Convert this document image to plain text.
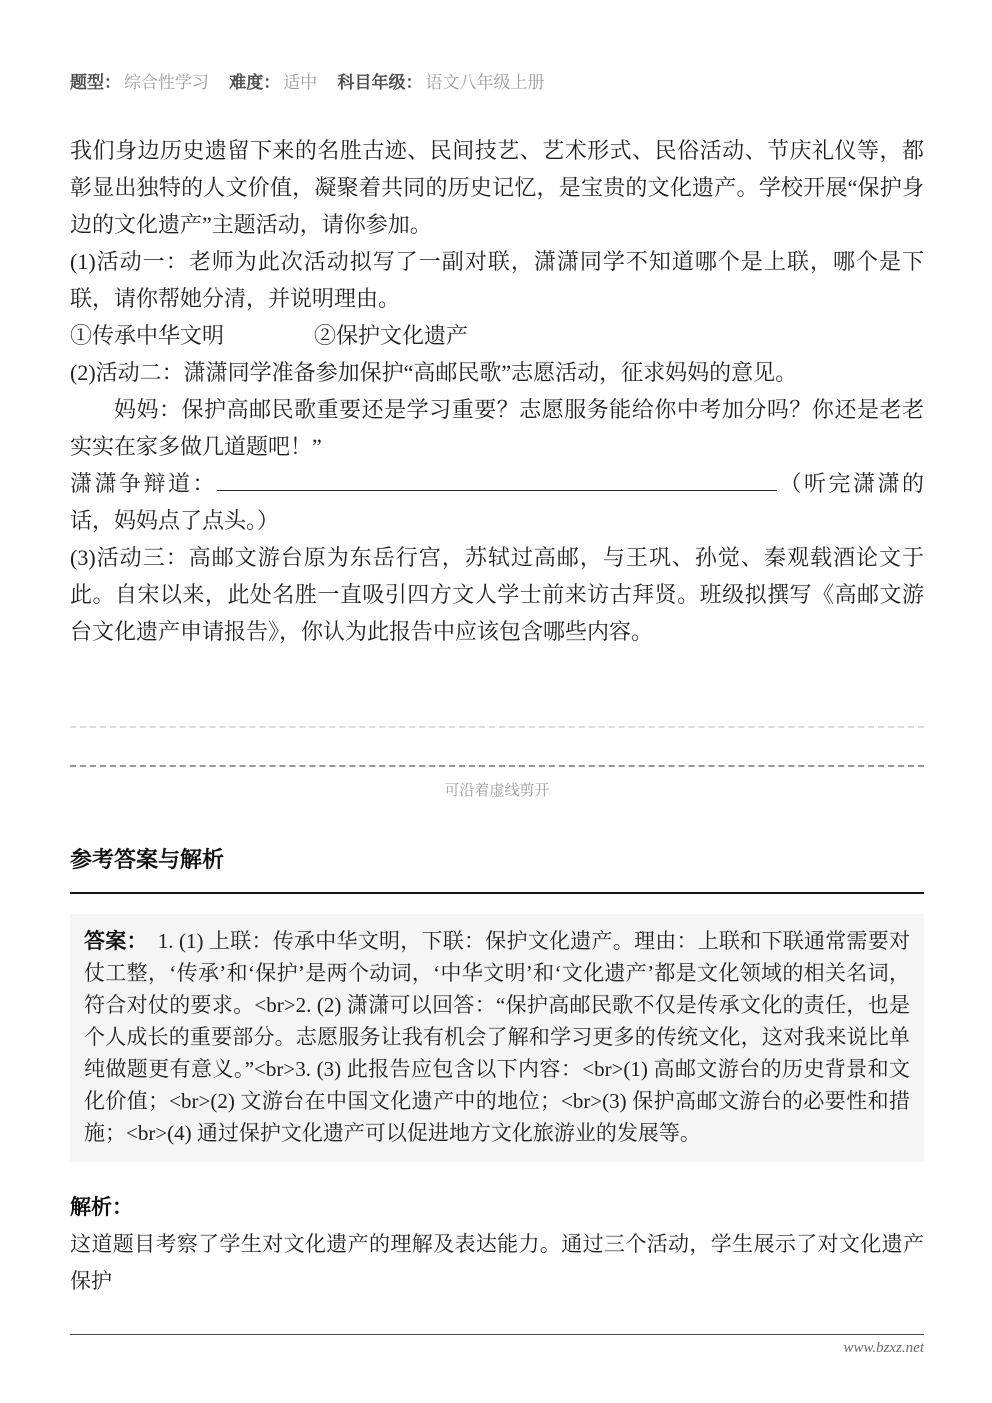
题型： 综合性学习 难度： 适中 科目年级： 语文八年级上册

我们身边历史遗留下来的名胜古迹、民间技艺、艺术形式、民俗活动、节庆礼仪等，都彰显出独特的人文价值，凝聚着共同的历史记忆，是宝贵的文化遗产。学校开展“保护身边的文化遗产”主题活动，请你参加。

(1)活动一：老师为此次活动拟写了一副对联，潇潇同学不知道哪个是上联，哪个是下联，请你帮她分清，并说明理由。

①传承中华文明	②保护文化遗产

(2)活动二：潇潇同学准备参加保护“高邮民歌”志愿活动，征求妈妈的意见。

妈妈：保护高邮民歌重要还是学习重要？志愿服务能给你中考加分吗？你还是老老实实在家多做几道题吧！”

潇潇争辩道：	（听完潇潇的话，妈妈点了点头。）

(3)活动三：高邮文游台原为东岳行宫，苏轼过高邮，与王巩、孙觉、秦观载酒论文于此。自宋以来，此处名胜一直吸引四方文人学士前来访古拜贤。班级拟撰写《高邮文游台文化遗产申请报告》，你认为此报告中应该包含哪些内容。

可沿着虚线剪开
参考答案与解析
答案： 1. (1) 上联：传承中华文明，下联：保护文化遗产。理由：上联和下联通常需要对仗工整，‘传承’和‘保护’是两个动词，‘中华文明’和‘文化遗产’都是文化领域的相关名词，符合对仗的要求。<br>2. (2) 潇潇可以回答：“保护高邮民歌不仅是传承文化的责任，也是个人成长的重要部分。志愿服务让我有机会了解和学习更多的传统文化，这对我来说比单纯做题更有意义。”<br>3. (3) 此报告应包含以下内容：<br>(1) 高邮文游台的历史背景和文化价值；<br>(2) 文游台在中国文化遗产中的地位；<br>(3) 保护高邮文游台的必要性和措施；<br>(4) 通过保护文化遗产可以促进地方文化旅游业的发展等。
解析：

这道题目考察了学生对文化遗产的理解及表达能力。通过三个活动，学生展示了对文化遗产保护

www.bzxz.net
